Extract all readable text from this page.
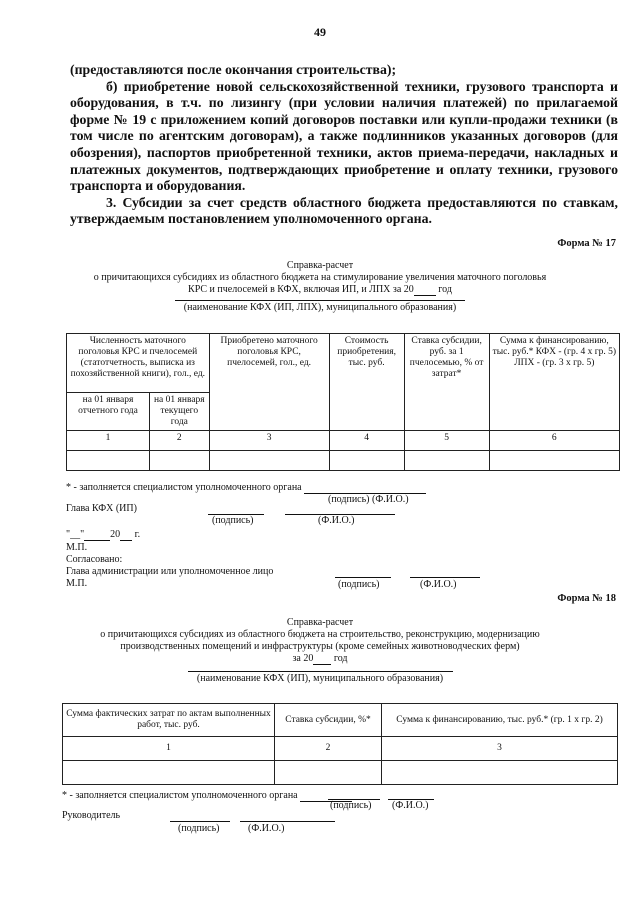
49

(предоставляются после окончания строительства);

б) приобретение новой сельскохозяйственной техники, грузового транспорта и оборудования, в т.ч. по лизингу (при условии наличия платежей) по прилагаемой форме № 19 с приложением копий договоров поставки или купли-продажи техники (в том числе по агентским договорам), а также подлинников указанных договоров (для обозрения), паспортов приобретенной техники, актов приема-передачи, накладных и платежных документов, подтверждающих приобретение и оплату техники, грузового транспорта и оборудования.

3. Субсидии за счет средств областного бюджета предоставляются по ставкам, утверждаемым постановлением уполномоченного органа.

Форма № 17
Справка-расчет
о причитающихся субсидиях из областного бюджета на стимулирование увеличения маточного поголовья
КРС и пчелосемей в КФХ, включая ИП, и ЛПХ за 20 год
(наименование КФХ (ИП, ЛПХ), муниципального образования)
Численность маточного поголовья КРС и пчелосемей (статотчетность, выписка из похозяйственной книги), гол., ед.		Приобретено маточного поголовья КРС, пчелосемей, гол., ед.	Стоимость приобретения, тыс. руб.	Ставка субсидии, руб. за 1 пчелосемью, % от затрат*	Сумма к финансированию, тыс. руб.* КФХ - (гр. 4 х гр. 5) ЛПХ - (гр. 3 х гр. 5)
на 01 января отчетного года	на 01 января текущего года				
1	2	3	4	5	6

* - заполняется специалистом уполномоченного органа
(подпись) (Ф.И.О.)
Глава КФХ (ИП)
(подпись)	(Ф.И.О.)
"__"	20 г.
М.П.
Согласовано:
Глава администрации или уполномоченное лицо
М.П.	(подпись)	(Ф.И.О.)
Форма № 18
Справка-расчет
о причитающихся субсидиях из областного бюджета на строительство, реконструкцию, модернизацию
производственных помещений и инфраструктуры (кроме семейных животноводческих ферм)
за 20 год
(наименование КФХ (ИП), муниципального образования)
Сумма фактических затрат по актам выполненных работ, тыс. руб.	Ставка субсидии, %*	Сумма к финансированию, тыс. руб.* (гр. 1 х гр. 2)
1	2	3

* - заполняется специалистом уполномоченного органа
(подпись) (Ф.И.О.)
Руководитель
(подпись)	(Ф.И.О.)
